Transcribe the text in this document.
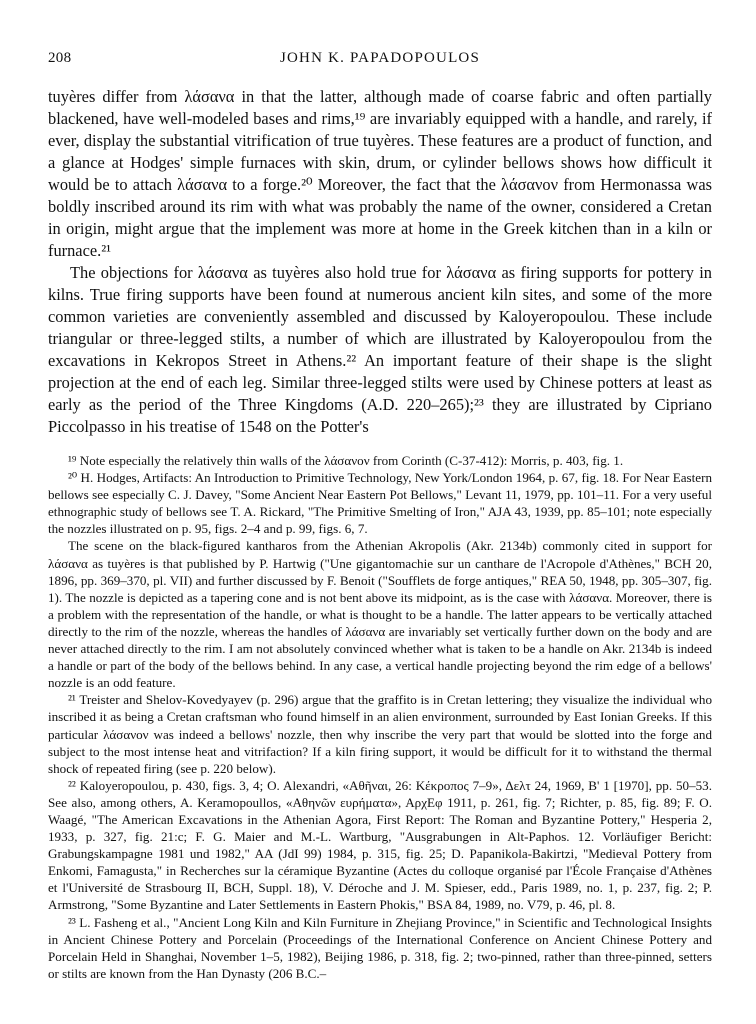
208	JOHN K. PAPADOPOULOS

tuyères differ from λάσανα in that the latter, although made of coarse fabric and often partially blackened, have well-modeled bases and rims,¹⁹ are invariably equipped with a handle, and rarely, if ever, display the substantial vitrification of true tuyères. These features are a product of function, and a glance at Hodges' simple furnaces with skin, drum, or cylinder bellows shows how difficult it would be to attach λάσανα to a forge.²⁰ Moreover, the fact that the λάσανον from Hermonassa was boldly inscribed around its rim with what was probably the name of the owner, considered a Cretan in origin, might argue that the implement was more at home in the Greek kitchen than in a kiln or furnace.²¹

The objections for λάσανα as tuyères also hold true for λάσανα as firing supports for pottery in kilns. True firing supports have been found at numerous ancient kiln sites, and some of the more common varieties are conveniently assembled and discussed by Kaloyeropoulou. These include triangular or three-legged stilts, a number of which are illustrated by Kaloyeropoulou from the excavations in Kekropos Street in Athens.²² An important feature of their shape is the slight projection at the end of each leg. Similar three-legged stilts were used by Chinese potters at least as early as the period of the Three Kingdoms (A.D. 220–265);²³ they are illustrated by Cipriano Piccolpasso in his treatise of 1548 on the Potter's

¹⁹ Note especially the relatively thin walls of the λάσανον from Corinth (C-37-412): Morris, p. 403, fig. 1.

²⁰ H. Hodges, Artifacts: An Introduction to Primitive Technology, New York/London 1964, p. 67, fig. 18. For Near Eastern bellows see especially C. J. Davey, "Some Ancient Near Eastern Pot Bellows," Levant 11, 1979, pp. 101–11. For a very useful ethnographic study of bellows see T. A. Rickard, "The Primitive Smelting of Iron," AJA 43, 1939, pp. 85–101; note especially the nozzles illustrated on p. 95, figs. 2–4 and p. 99, figs. 6, 7.

The scene on the black-figured kantharos from the Athenian Akropolis (Akr. 2134b) commonly cited in support for λάσανα as tuyères is that published by P. Hartwig ("Une gigantomachie sur un canthare de l'Acropole d'Athènes," BCH 20, 1896, pp. 369–370, pl. VII) and further discussed by F. Benoit ("Soufflets de forge antiques," REA 50, 1948, pp. 305–307, fig. 1). The nozzle is depicted as a tapering cone and is not bent above its midpoint, as is the case with λάσανα. Moreover, there is a problem with the representation of the handle, or what is thought to be a handle. The latter appears to be vertically attached directly to the rim of the nozzle, whereas the handles of λάσανα are invariably set vertically further down on the body and are never attached directly to the rim. I am not absolutely convinced whether what is taken to be a handle on Akr. 2134b is indeed a handle or part of the body of the bellows behind. In any case, a vertical handle projecting beyond the rim edge of a bellows' nozzle is an odd feature.

²¹ Treister and Shelov-Kovedyayev (p. 296) argue that the graffito is in Cretan lettering; they visualize the individual who inscribed it as being a Cretan craftsman who found himself in an alien environment, surrounded by East Ionian Greeks. If this particular λάσανον was indeed a bellows' nozzle, then why inscribe the very part that would be slotted into the forge and subject to the most intense heat and vitrifaction? If a kiln firing support, it would be difficult for it to withstand the thermal shock of repeated firing (see p. 220 below).

²² Kaloyeropoulou, p. 430, figs. 3, 4; O. Alexandri, «Αθῆναι, 26: Κέκροπος 7–9», Δελτ 24, 1969, B' 1 [1970], pp. 50–53. See also, among others, A. Keramopoullos, «Αθηνῶν ευρήματα», ΑρχΕφ 1911, p. 261, fig. 7; Richter, p. 85, fig. 89; F. O. Waagé, "The American Excavations in the Athenian Agora, First Report: The Roman and Byzantine Pottery," Hesperia 2, 1933, p. 327, fig. 21:c; F. G. Maier and M.-L. Wartburg, "Ausgrabungen in Alt-Paphos. 12. Vorläufiger Bericht: Grabungskampagne 1981 und 1982," AA (JdI 99) 1984, p. 315, fig. 25; D. Papanikola-Bakirtzi, "Medieval Pottery from Enkomi, Famagusta," in Recherches sur la céramique Byzantine (Actes du colloque organisé par l'École Française d'Athènes et l'Université de Strasbourg II, BCH, Suppl. 18), V. Déroche and J. M. Spieser, edd., Paris 1989, no. 1, p. 237, fig. 2; P. Armstrong, "Some Byzantine and Later Settlements in Eastern Phokis," BSA 84, 1989, no. V79, p. 46, pl. 8.

²³ L. Fasheng et al., "Ancient Long Kiln and Kiln Furniture in Zhejiang Province," in Scientific and Technological Insights in Ancient Chinese Pottery and Porcelain (Proceedings of the International Conference on Ancient Chinese Pottery and Porcelain Held in Shanghai, November 1–5, 1982), Beijing 1986, p. 318, fig. 2; two-pinned, rather than three-pinned, setters or stilts are known from the Han Dynasty (206 B.C.–
